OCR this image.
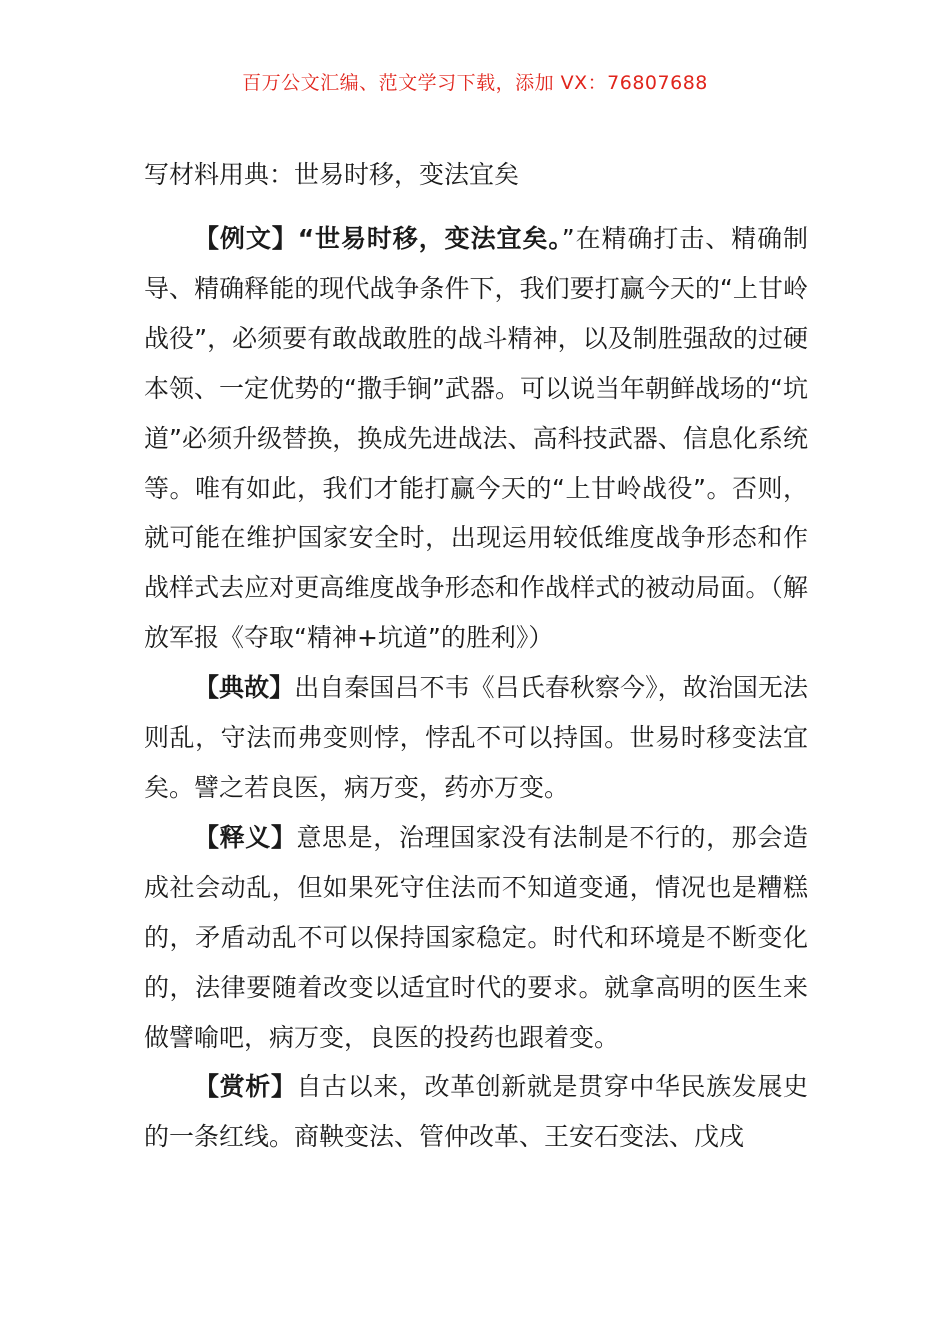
百万公文汇编、范文学习下载，添加 VX：76807688
写材料用典：世易时移，变法宜矣

【例文】“世易时移，变法宜矣。”在精确打击、精确制导、精确释能的现代战争条件下，我们要打赢今天的“上甘岭战役”，必须要有敢战敢胜的战斗精神，以及制胜强敌的过硬本领、一定优势的“撒手锏”武器。可以说当年朝鲜战场的“坑道”必须升级替换，换成先进战法、高科技武器、信息化系统等。唯有如此，我们才能打赢今天的“上甘岭战役”。否则，就可能在维护国家安全时，出现运用较低维度战争形态和作战样式去应对更高维度战争形态和作战样式的被动局面。（解放军报《夺取“精神+坑道”的胜利》）

【典故】出自秦国吕不韦《吕氏春秋察今》，故治国无法则乱，守法而弗变则悖，悖乱不可以持国。世易时移变法宜矣。譬之若良医，病万变，药亦万变。

【释义】意思是，治理国家没有法制是不行的，那会造成社会动乱，但如果死守住法而不知道变通，情况也是糟糕的，矛盾动乱不可以保持国家稳定。时代和环境是不断变化的，法律要随着改变以适宜时代的要求。就拿高明的医生来做譬喻吧，病万变，良医的投药也跟着变。

【赏析】自古以来，改革创新就是贯穿中华民族发展史的一条红线。商鞅变法、管仲改革、王安石变法、戊戌
